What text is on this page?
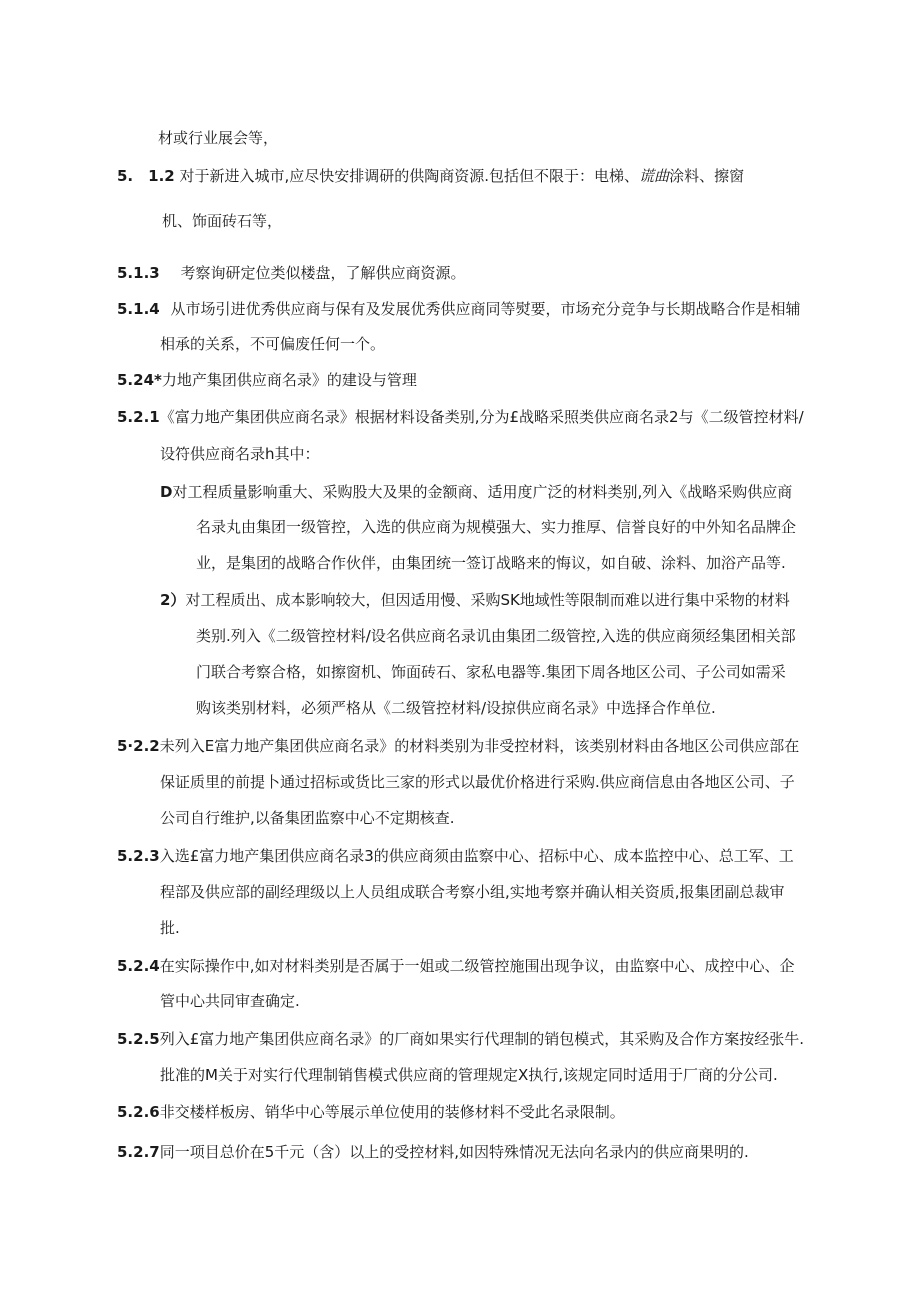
材或行业展会等，
5.　1.2 对于新进入城市,应尽快安排调研的供陶商资源.包括但不限于：电梯、谎曲涂料、擦窗
机、饰面砖石等，
5.1.3 考察询研定位类似楼盘，了解供应商资源。
5.1.4 从市场引进优秀供应商与保有及发展优秀供应商同等熨要，市场充分竞争与长期战略合作是相辅
相承的关系，不可偏废任何一个。
5.24*力地产集团供应商名录》的建设与管理
5.2.1《富力地产集团供应商名录》根据材料设备类别,分为£战略采照类供应商名录2与《二级管控材料/
设符供应商名录h其中：
D对工程质量影响重大、采购股大及果的金额商、适用度广泛的材料类别,列入《战略采购供应商
名录丸由集团一级管控，入选的供应商为规模强大、实力推厚、信誉良好的中外知名品牌企
业，是集团的战略合作伙伴，由集团统一签订战略来的悔议，如自破、涂料、加浴产品等.
2）对工程质出、成本影响较大，但因适用慢、采购SK地域性等限制而难以进行集中采物的材料
类别.列入《二级管控材料/设名供应商名录讥由集团二级管控,入选的供应商须经集团相关部
门联合考察合格，如擦窗机、饰面砖石、家私电器等.集团下周各地区公司、子公司如需采
购该类别材料，必须严格从《二级管控材料/设掠供应商名录》中选择合作单位.
5·2.2未列入E富力地产集团供应商名录》的材料类别为非受控材料，该类别材料由各地区公司供应部在
保证质里的前提卜通过招标或货比三家的形式以最优价格进行采购.供应商信息由各地区公司、子
公司自行维护,以备集团监察中心不定期核查.
5.2.3入选£富力地产集团供应商名录3的供应商须由监察中心、招标中心、成本监控中心、总工军、工
程部及供应部的副经理级以上人员组成联合考察小组,实地考察并确认相关资质,报集团副总裁审
批.
5.2.4在实际操作中,如对材料类别是否属于一姐或二级管控施围出现争议，由监察中心、成控中心、企
管中心共同审查确定.
5.2.5列入£富力地产集团供应商名录》的厂商如果实行代理制的销包模式，其采购及合作方案按经张牛.
批准的M关于对实行代理制销售模式供应商的管理规定X执行,该规定同时适用于厂商的分公司.
5.2.6非交楼样板房、销华中心等展示单位使用的装修材料不受此名录限制。
5.2.7同一项目总价在5千元（含）以上的受控材料,如因特殊情况无法向名录内的供应商果明的.
